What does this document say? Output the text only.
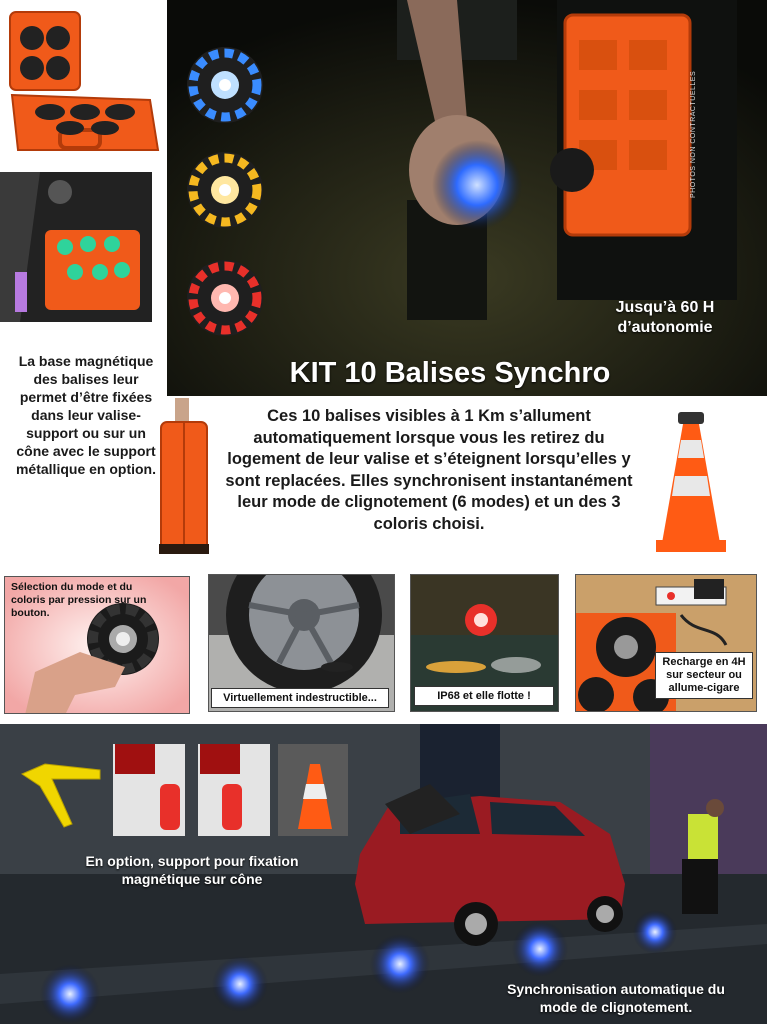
Jusqu’à 60 H
d’autonomie
KIT 10 Balises Synchro
PHOTOS NON CONTRACTUELLES
La base magnétique des balises leur permet d’être fixées dans leur valise-support ou sur un cône avec le support métallique en option.
Ces 10 balises visibles à 1 Km s’allument automatiquement lorsque vous les retirez du logement de leur valise et s’éteignent lorsqu’elles y sont replacées. Elles synchronisent instantanément leur mode de clignotement (6 modes) et un des 3 coloris choisi.
Sélection du mode et du coloris par pression sur un bouton.
Virtuellement indestructible...	IP68 et elle flotte !
Recharge en 4H sur secteur ou allume-cigare
En option, support pour fixation magnétique sur cône
Synchronisation automatique du mode de clignotement.
